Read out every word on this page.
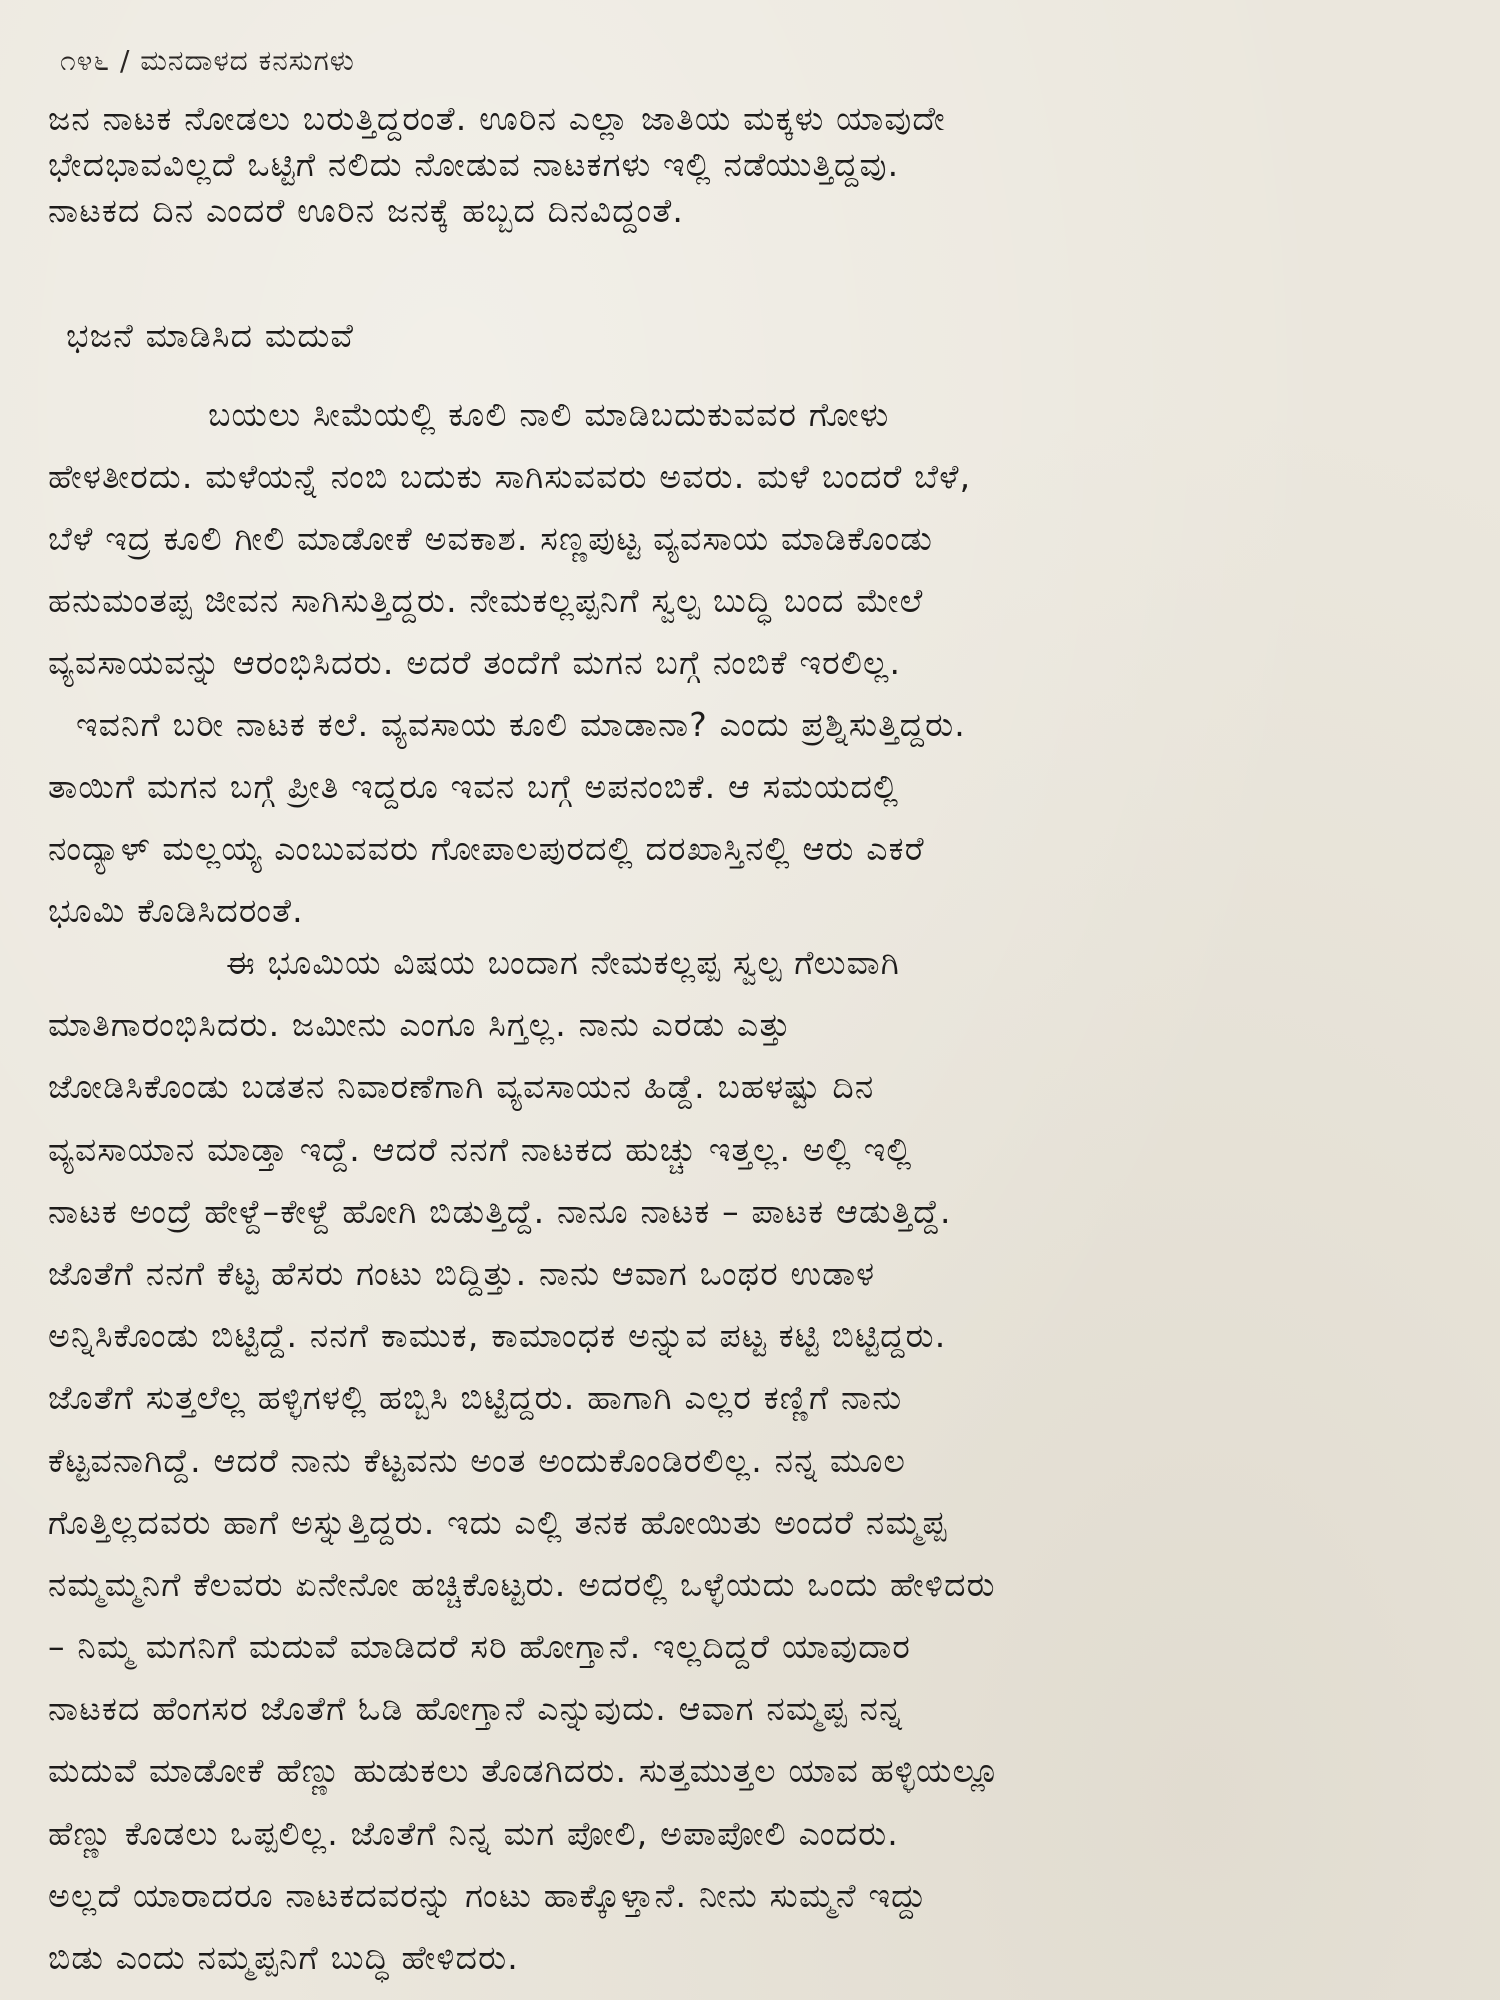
೧೪೬ / ಮನದಾಳದ ಕನಸುಗಳು
ಜನ ನಾಟಕ ನೋಡಲು ಬರುತ್ತಿದ್ದರಂತೆ. ಊರಿನ ಎಲ್ಲಾ ಜಾತಿಯ ಮಕ್ಕಳು ಯಾವುದೇ
ಭೇದಭಾವವಿಲ್ಲದೆ ಒಟ್ಟಿಗೆ ನಲಿದು ನೋಡುವ ನಾಟಕಗಳು ಇಲ್ಲಿ ನಡೆಯುತ್ತಿದ್ದವು.
ನಾಟಕದ ದಿನ ಎಂದರೆ ಊರಿನ ಜನಕ್ಕೆ ಹಬ್ಬದ ದಿನವಿದ್ದಂತೆ.
ಭಜನೆ ಮಾಡಿಸಿದ ಮದುವೆ
ಬಯಲು ಸೀಮೆಯಲ್ಲಿ ಕೂಲಿ ನಾಲಿ ಮಾಡಿಬದುಕುವವರ ಗೋಳು
ಹೇಳತೀರದು. ಮಳೆಯನ್ನೆ ನಂಬಿ ಬದುಕು ಸಾಗಿಸುವವರು ಅವರು. ಮಳೆ ಬಂದರೆ ಬೆಳೆ,
ಬೆಳೆ ಇದ್ರ ಕೂಲಿ ಗೀಲಿ ಮಾಡೋಕೆ ಅವಕಾಶ. ಸಣ್ಣಪುಟ್ಟ ವ್ಯವಸಾಯ ಮಾಡಿಕೊಂಡು
ಹನುಮಂತಪ್ಪ ಜೀವನ ಸಾಗಿಸುತ್ತಿದ್ದರು. ನೇಮಕಲ್ಲಪ್ಪನಿಗೆ ಸ್ವಲ್ಪ ಬುದ್ಧಿ ಬಂದ ಮೇಲೆ
ವ್ಯವಸಾಯವನ್ನು ಆರಂಭಿಸಿದರು. ಅದರೆ ತಂದೆಗೆ ಮಗನ ಬಗ್ಗೆ ನಂಬಿಕೆ ಇರಲಿಲ್ಲ.
ಇವನಿಗೆ ಬರೀ ನಾಟಕ ಕಲೆ. ವ್ಯವಸಾಯ ಕೂಲಿ ಮಾಡಾನಾ? ಎಂದು ಪ್ರಶ್ನಿಸುತ್ತಿದ್ದರು.
ತಾಯಿಗೆ ಮಗನ ಬಗ್ಗೆ ಪ್ರೀತಿ ಇದ್ದರೂ ಇವನ ಬಗ್ಗೆ ಅಪನಂಬಿಕೆ. ಆ ಸಮಯದಲ್ಲಿ
ನಂದ್ಯಾಳ್ ಮಲ್ಲಯ್ಯ ಎಂಬುವವರು ಗೋಪಾಲಪುರದಲ್ಲಿ ದರಖಾಸ್ತಿನಲ್ಲಿ ಆರು ಎಕರೆ
ಭೂಮಿ ಕೊಡಿಸಿದರಂತೆ.
ಈ ಭೂಮಿಯ ವಿಷಯ ಬಂದಾಗ ನೇಮಕಲ್ಲಪ್ಪ ಸ್ವಲ್ಪ ಗೆಲುವಾಗಿ
ಮಾತಿಗಾರಂಭಿಸಿದರು. ಜಮೀನು ಎಂಗೂ ಸಿಗ್ತಲ್ಲ. ನಾನು ಎರಡು ಎತ್ತು
ಜೋಡಿಸಿಕೊಂಡು ಬಡತನ ನಿವಾರಣೆಗಾಗಿ ವ್ಯವಸಾಯನ ಹಿಡ್ದೆ. ಬಹಳಷ್ಟು ದಿನ
ವ್ಯವಸಾಯಾನ ಮಾಡ್ತಾ ಇದ್ದೆ. ಆದರೆ ನನಗೆ ನಾಟಕದ ಹುಚ್ಚು ಇತ್ತಲ್ಲ. ಅಲ್ಲಿ ಇಲ್ಲಿ
ನಾಟಕ ಅಂದ್ರೆ ಹೇಳ್ದೆ–ಕೇಳ್ದೆ ಹೋಗಿ ಬಿಡುತ್ತಿದ್ದೆ. ನಾನೂ ನಾಟಕ – ಪಾಟಕ ಆಡುತ್ತಿದ್ದೆ.
ಜೊತೆಗೆ ನನಗೆ ಕೆಟ್ಟ ಹೆಸರು ಗಂಟು ಬಿದ್ದಿತ್ತು. ನಾನು ಆವಾಗ ಒಂಥರ ಉಡಾಳ
ಅನ್ನಿಸಿಕೊಂಡು ಬಿಟ್ಟಿದ್ದೆ. ನನಗೆ ಕಾಮುಕ, ಕಾಮಾಂಧಕ ಅನ್ನುವ ಪಟ್ಟ ಕಟ್ಟಿ ಬಿಟ್ಟಿದ್ದರು.
ಜೊತೆಗೆ ಸುತ್ತಲೆಲ್ಲ ಹಳ್ಳಿಗಳಲ್ಲಿ ಹಬ್ಬಿಸಿ ಬಿಟ್ಟಿದ್ದರು. ಹಾಗಾಗಿ ಎಲ್ಲರ ಕಣ್ಣಿಗೆ ನಾನು
ಕೆಟ್ಟವನಾಗಿದ್ದೆ. ಆದರೆ ನಾನು ಕೆಟ್ಟವನು ಅಂತ ಅಂದುಕೊಂಡಿರಲಿಲ್ಲ. ನನ್ನ ಮೂಲ
ಗೊತ್ತಿಲ್ಲದವರು ಹಾಗೆ ಅಸ್ನುತ್ತಿದ್ದರು. ಇದು ಎಲ್ಲಿ ತನಕ ಹೋಯಿತು ಅಂದರೆ ನಮ್ಮಪ್ಪ
ನಮ್ಮಮ್ಮನಿಗೆ ಕೆಲವರು ಏನೇನೋ ಹಚ್ಚಿಕೊಟ್ಟರು. ಅದರಲ್ಲಿ ಒಳ್ಳೆಯದು ಒಂದು ಹೇಳಿದರು
– ನಿಮ್ಮ ಮಗನಿಗೆ ಮದುವೆ ಮಾಡಿದರೆ ಸರಿ ಹೋಗ್ತಾನೆ. ಇಲ್ಲದಿದ್ದರೆ ಯಾವುದಾರ
ನಾಟಕದ ಹೆಂಗಸರ ಜೊತೆಗೆ ಓಡಿ ಹೋಗ್ತಾನೆ ಎನ್ನುವುದು. ಆವಾಗ ನಮ್ಮಪ್ಪ ನನ್ನ
ಮದುವೆ ಮಾಡೋಕೆ ಹೆಣ್ಣು ಹುಡುಕಲು ತೊಡಗಿದರು. ಸುತ್ತಮುತ್ತಲ ಯಾವ ಹಳ್ಳಿಯಲ್ಲೂ
ಹೆಣ್ಣು ಕೊಡಲು ಒಪ್ಪಲಿಲ್ಲ. ಜೊತೆಗೆ ನಿನ್ನ ಮಗ ಪೋಲಿ, ಅಪಾಪೋಲಿ ಎಂದರು.
ಅಲ್ಲದೆ ಯಾರಾದರೂ ನಾಟಕದವರನ್ನು ಗಂಟು ಹಾಕ್ಕೊಳ್ತಾನೆ. ನೀನು ಸುಮ್ಮನೆ ಇದ್ದು
ಬಿಡು ಎಂದು ನಮ್ಮಪ್ಪನಿಗೆ ಬುದ್ಧಿ ಹೇಳಿದರು.
